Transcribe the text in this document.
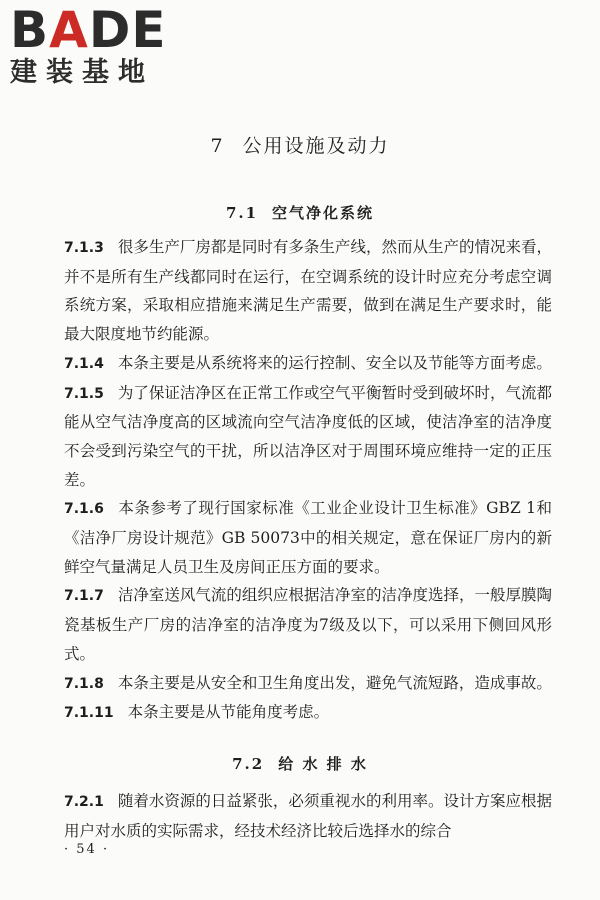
BADE
建装基地
7 公用设施及动力
7.1 空气净化系统

7.1.3 很多生产厂房都是同时有多条生产线，然而从生产的情况来看，并不是所有生产线都同时在运行，在空调系统的设计时应充分考虑空调系统方案，采取相应措施来满足生产需要，做到在满足生产要求时，能最大限度地节约能源。

7.1.4 本条主要是从系统将来的运行控制、安全以及节能等方面考虑。

7.1.5 为了保证洁净区在正常工作或空气平衡暂时受到破坏时，气流都能从空气洁净度高的区域流向空气洁净度低的区域，使洁净室的洁净度不会受到污染空气的干扰，所以洁净区对于周围环境应维持一定的正压差。

7.1.6 本条参考了现行国家标准《工业企业设计卫生标准》GBZ 1和《洁净厂房设计规范》GB 50073中的相关规定，意在保证厂房内的新鲜空气量满足人员卫生及房间正压方面的要求。

7.1.7 洁净室送风气流的组织应根据洁净室的洁净度选择，一般厚膜陶瓷基板生产厂房的洁净室的洁净度为7级及以下，可以采用下侧回风形式。

7.1.8 本条主要是从安全和卫生角度出发，避免气流短路，造成事故。

7.1.11 本条主要是从节能角度考虑。

7.2 给 水 排 水

7.2.1 随着水资源的日益紧张，必须重视水的利用率。设计方案应根据用户对水质的实际需求，经技术经济比较后选择水的综合

· 54 ·
